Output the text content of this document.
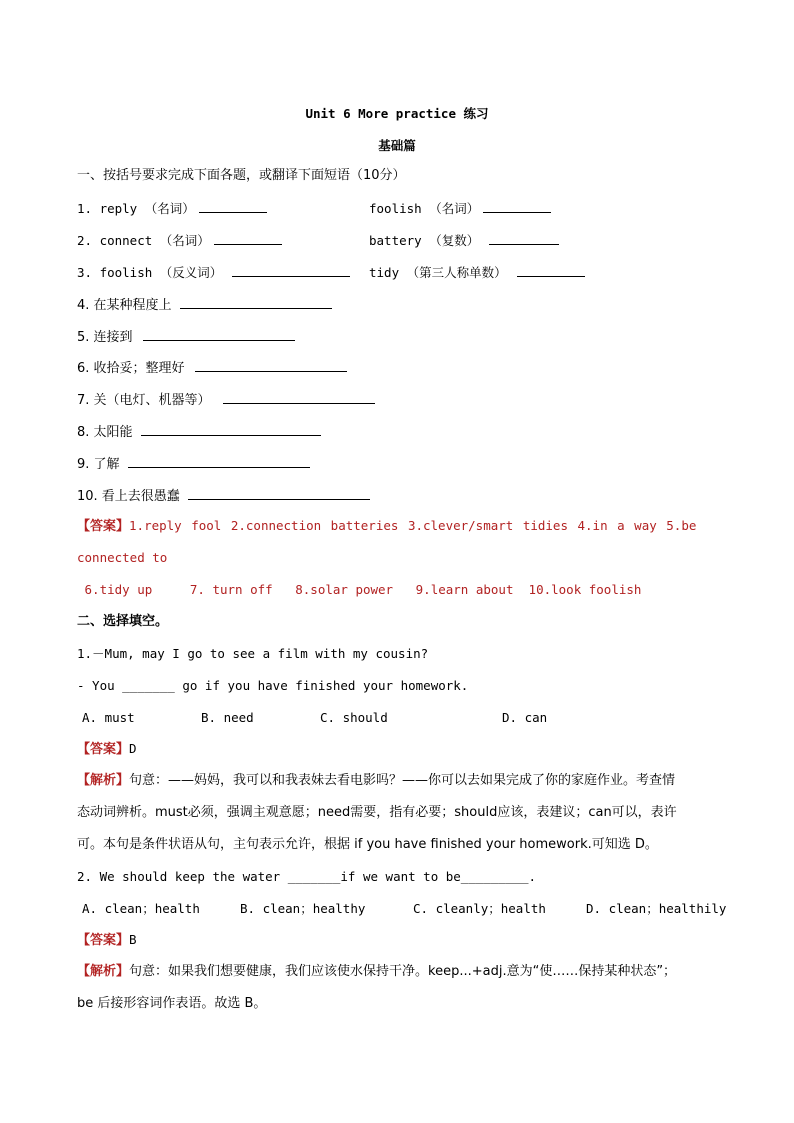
Unit 6 More practice 练习
基础篇
一、按括号要求完成下面各题，或翻译下面短语（10分）
1. reply （名词）	foolish （名词）
2. connect （名词）	battery （复数）
3. foolish （反义词）	tidy （第三人称单数）
4. 在某种程度上
5. 连接到
6. 收拾妥；整理好
7. 关（电灯、机器等）
8. 太阳能
9. 了解
10. 看上去很愚蠢
【答案】1.reply fool 2.connection batteries 3.clever/smart tidies 4.in a way 5.be
connected to
6.tidy up     7. turn off   8.solar power   9.learn about  10.look foolish
二、选择填空。
1.－Mum, may I go to see a film with my cousin?
- You _______ go if you have finished your homework.
A. must	B. need	C. should	D. can
【答案】D
【解析】句意：——妈妈，我可以和我表妹去看电影吗？——你可以去如果完成了你的家庭作业。考查情
态动词辨析。must必须，强调主观意愿；need需要，指有必要；should应该，表建议；can可以，表许
可。本句是条件状语从句，主句表示允许，根据 if you have finished your homework.可知选 D。
2. We should keep the water _______if we want to be_________.
A. clean；health	B. clean；healthy	C. cleanly；health	D. clean；healthily
【答案】B
【解析】句意：如果我们想要健康，我们应该使水保持干净。keep...+adj.意为“使……保持某种状态”；
be 后接形容词作表语。故选 B。
